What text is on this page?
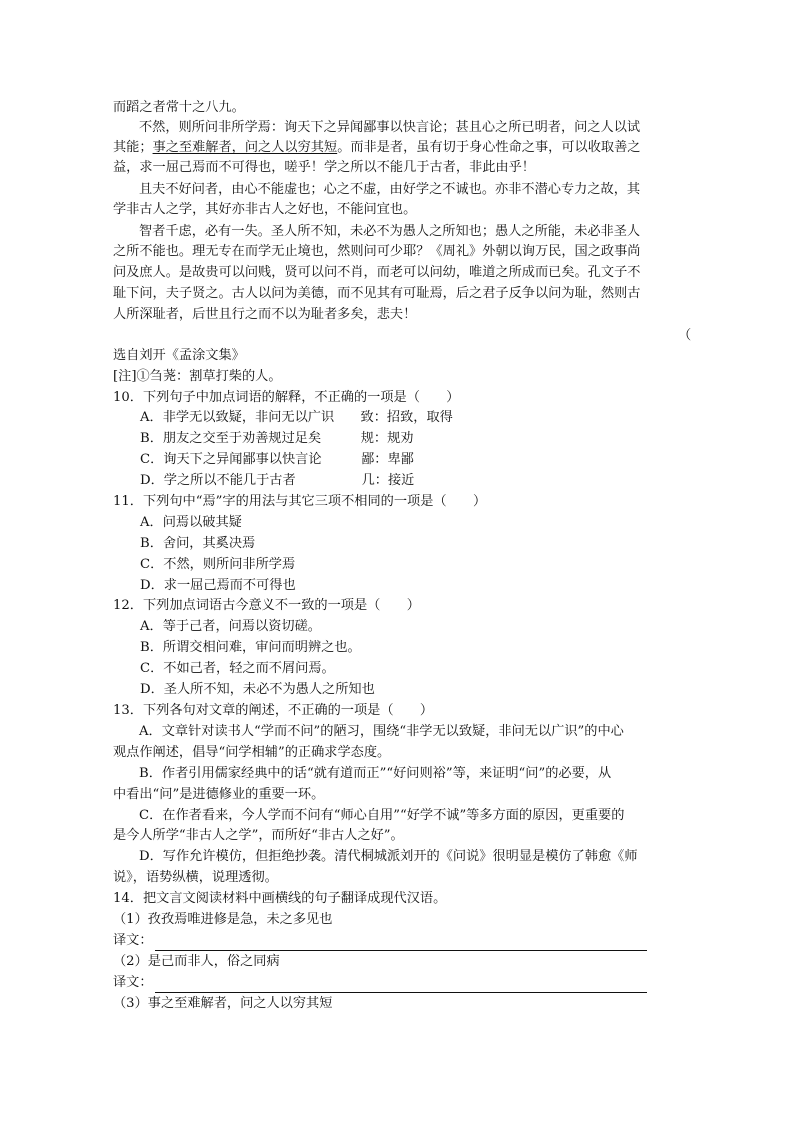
而蹈之者常十之八九。
不然，则所问非所学焉：询天下之异闻鄙事以快言论；甚且心之所已明者，问之人以试
其能；事之至难解者，问之人以穷其短。而非是者，虽有切于身心性命之事，可以收取善之
益，求一屈己焉而不可得也，嗟乎！学之所以不能几于古者，非此由乎！
且夫不好问者，由心不能虚也；心之不虚，由好学之不诚也。亦非不潜心专力之故，其
学非古人之学，其好亦非古人之好也，不能问宜也。
智者千虑，必有一失。圣人所不知，未必不为愚人之所知也；愚人之所能，未必非圣人
之所不能也。理无专在而学无止境也，然则问可少耶？《周礼》外朝以询万民，国之政事尚
问及庶人。是故贵可以问贱，贤可以问不肖，而老可以问幼，唯道之所成而已矣。孔文子不
耻下问，夫子贤之。古人以问为美德，而不见其有可耻焉，后之君子反争以问为耻，然则古
人所深耻者，后世且行之而不以为耻者多矣，悲夫！
（
选自刘开《孟涂文集》
[注]①刍荛：割草打柴的人。
10．下列句子中加点词语的解释，不正确的一项是（　　）
A．非学无以致疑，非问无以广识　　致：招致，取得
B．朋友之交至于劝善规过足矣　　　规：规劝
C．询天下之异闻鄙事以快言论　　　鄙：卑鄙
D．学之所以不能几于古者　　　　　几：接近
11．下列句中“焉”字的用法与其它三项不相同的一项是（　　）
A．问焉以破其疑
B．舍问，其奚决焉
C．不然，则所问非所学焉
D．求一屈己焉而不可得也
12．下列加点词语古今意义不一致的一项是（　　）
A．等于己者，问焉以资切磋。
B．所谓交相问难，审问而明辨之也。
C．不如己者，轻之而不屑问焉。
D．圣人所不知，未必不为愚人之所知也
13．下列各句对文章的阐述，不正确的一项是（　　）
A．文章针对读书人“学而不问”的陋习，围绕“非学无以致疑，非问无以广识”的中心
观点作阐述，倡导“问学相辅”的正确求学态度。
B．作者引用儒家经典中的话“就有道而正”“好问则裕”等，来证明“问”的必要，从
中看出“问”是进德修业的重要一环。
C．在作者看来，今人学而不问有“师心自用”“好学不诚”等多方面的原因，更重要的
是今人所学“非古人之学”，而所好“非古人之好”。
D．写作允许模仿，但拒绝抄袭。清代桐城派刘开的《问说》很明显是模仿了韩愈《师
说》，语势纵横，说理透彻。
14．把文言文阅读材料中画横线的句子翻译成现代汉语。
（1）孜孜焉唯进修是急，未之多见也
译文：
（2）是己而非人，俗之同病
译文：
（3）事之至难解者，问之人以穷其短
